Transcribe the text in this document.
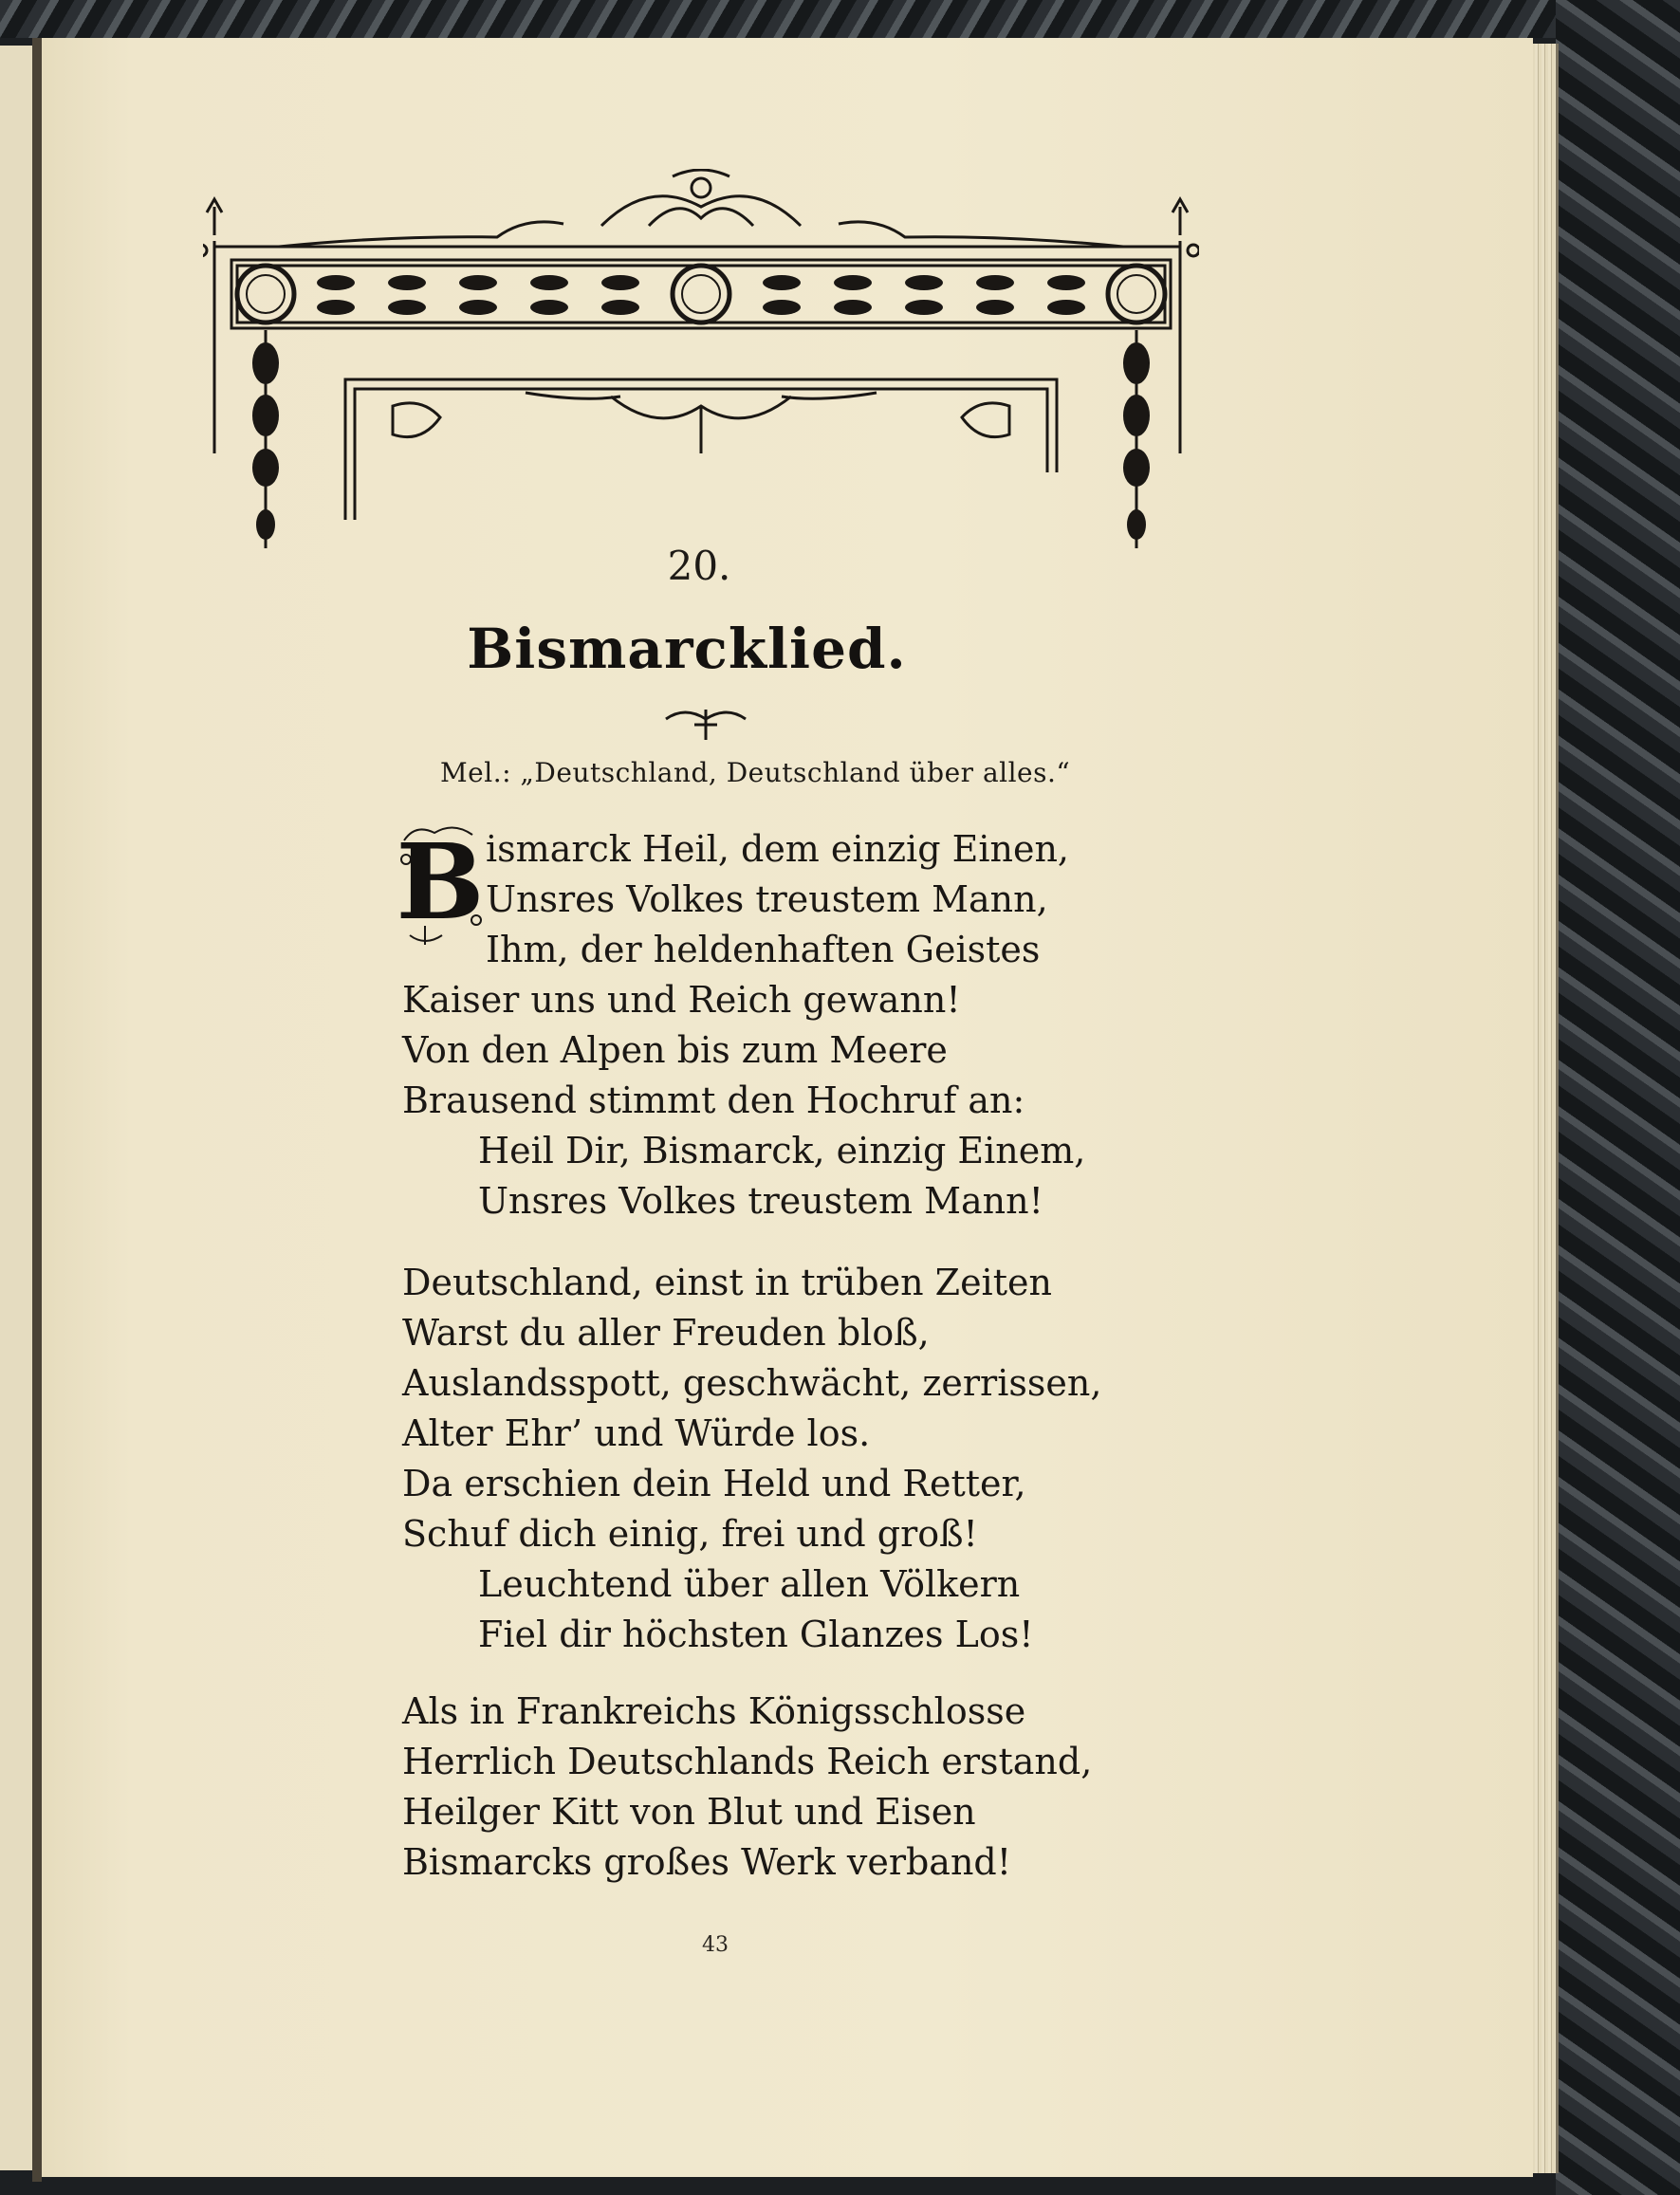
20.
Bismarcklied.
Mel.: „Deutschland, Deutschland über alles.“
B ismarck Heil, dem einzig Einen,
Unsres Volkes treustem Mann,
Ihm, der heldenhaften Geistes
Kaiser uns und Reich gewann!
Von den Alpen bis zum Meere
Brausend stimmt den Hochruf an:
Heil Dir, Bismarck, einzig Einem,
Unsres Volkes treustem Mann!
Deutschland, einst in trüben Zeiten
Warst du aller Freuden bloß,
Auslandsspott, geschwächt, zerrissen,
Alter Ehr’ und Würde los.
Da erschien dein Held und Retter,
Schuf dich einig, frei und groß!
Leuchtend über allen Völkern
Fiel dir höchsten Glanzes Los!
Als in Frankreichs Königsschlosse
Herrlich Deutschlands Reich erstand,
Heilger Kitt von Blut und Eisen
Bismarcks großes Werk verband!
43
